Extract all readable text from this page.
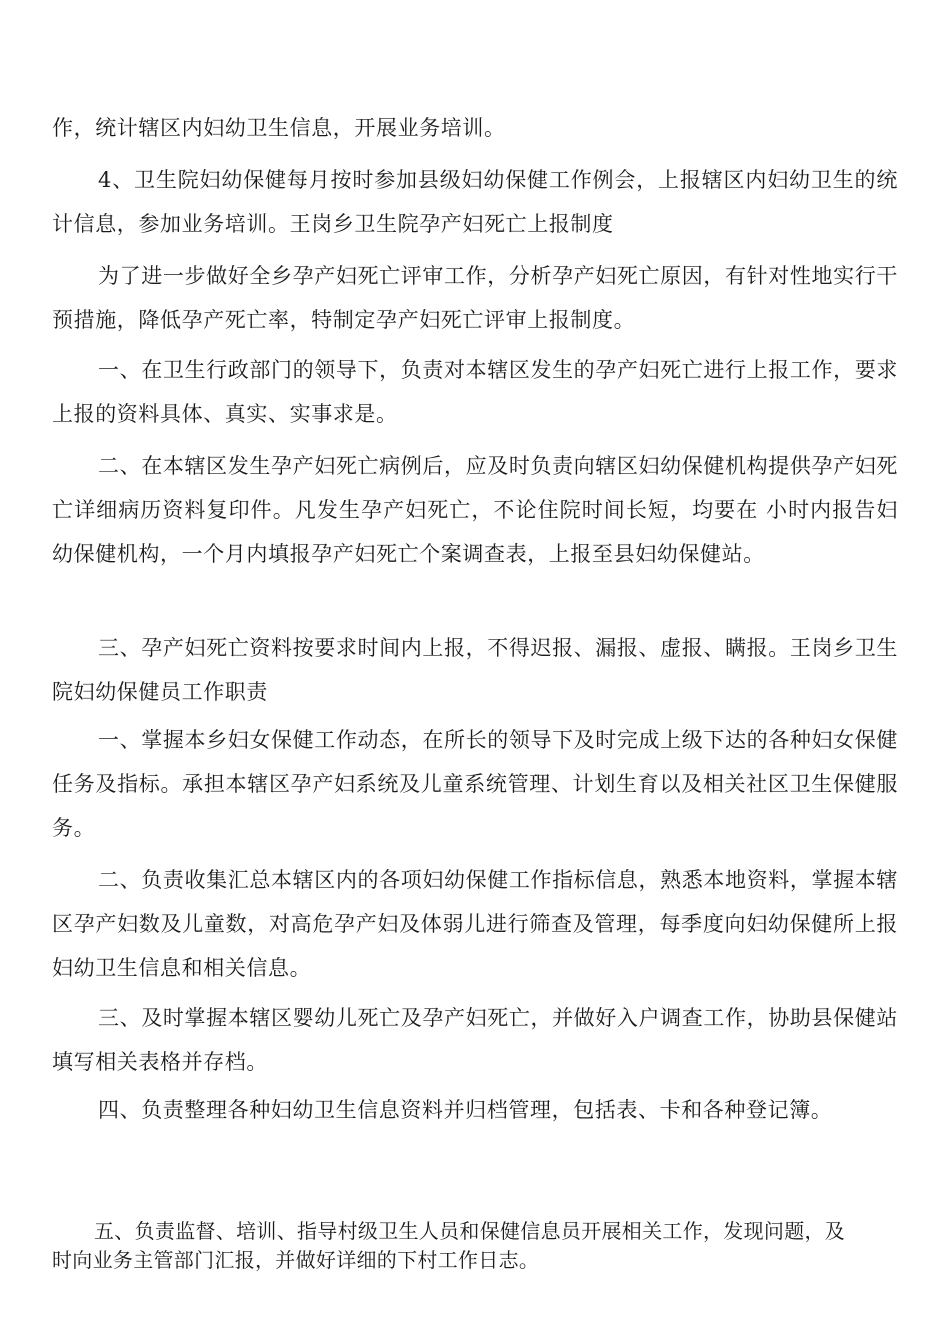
作，统计辖区内妇幼卫生信息，开展业务培训。

4、卫生院妇幼保健每月按时参加县级妇幼保健工作例会，上报辖区内妇幼卫生的统计信息，参加业务培训。王岗乡卫生院孕产妇死亡上报制度

为了进一步做好全乡孕产妇死亡评审工作，分析孕产妇死亡原因，有针对性地实行干预措施，降低孕产死亡率，特制定孕产妇死亡评审上报制度。

一、在卫生行政部门的领导下，负责对本辖区发生的孕产妇死亡进行上报工作，要求上报的资料具体、真实、实事求是。

二、在本辖区发生孕产妇死亡病例后，应及时负责向辖区妇幼保健机构提供孕产妇死亡详细病历资料复印件。凡发生孕产妇死亡，不论住院时间长短，均要在 小时内报告妇幼保健机构，一个月内填报孕产妇死亡个案调查表，上报至县妇幼保健站。

三、孕产妇死亡资料按要求时间内上报，不得迟报、漏报、虚报、瞒报。王岗乡卫生院妇幼保健员工作职责

一、掌握本乡妇女保健工作动态，在所长的领导下及时完成上级下达的各种妇女保健任务及指标。承担本辖区孕产妇系统及儿童系统管理、计划生育以及相关社区卫生保健服务。

二、负责收集汇总本辖区内的各项妇幼保健工作指标信息，熟悉本地资料，掌握本辖区孕产妇数及儿童数，对高危孕产妇及体弱儿进行筛查及管理，每季度向妇幼保健所上报妇幼卫生信息和相关信息。

三、及时掌握本辖区婴幼儿死亡及孕产妇死亡，并做好入户调查工作，协助县保健站填写相关表格并存档。

四、负责整理各种妇幼卫生信息资料并归档管理，包括表、卡和各种登记簿。

五、负责监督、培训、指导村级卫生人员和保健信息员开展相关工作，发现问题，及时向业务主管部门汇报，并做好详细的下村工作日志。
